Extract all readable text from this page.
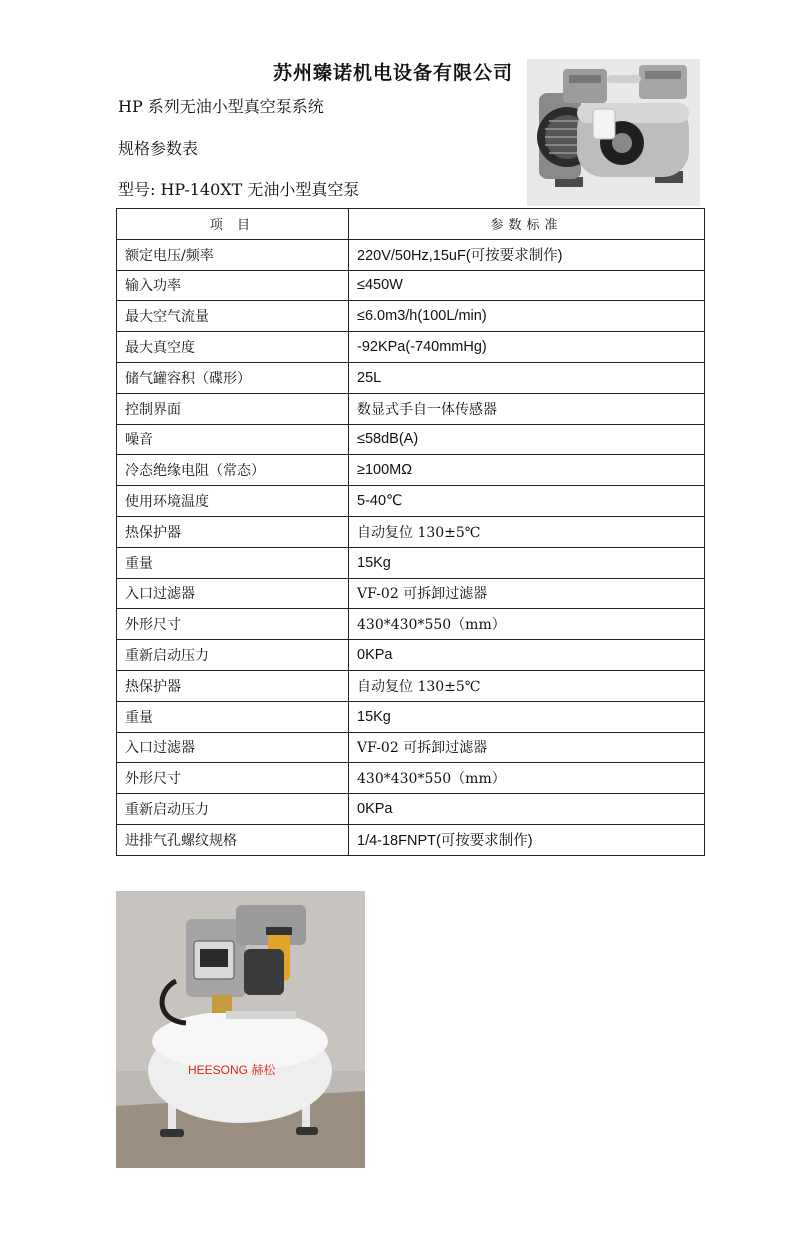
苏州臻诺机电设备有限公司
HP 系列无油小型真空泵系统
规格参数表
型号: HP-140XT 无油小型真空泵
项 目	参数标准
额定电压/频率	220V/50Hz,15uF(可按要求制作)
输入功率	≤450W
最大空气流量	≤6.0m3/h(100L/min)
最大真空度	-92KPa(-740mmHg)
储气罐容积（碟形）	25L
控制界面	数显式手自一体传感器
噪音	≤58dB(A)
冷态绝缘电阻（常态）	≥100MΩ
使用环境温度	5-40℃
热保护器	自动复位 130±5℃
重量	15Kg
入口过滤器	VF-02 可拆卸过滤器
外形尺寸	430*430*550（mm）
重新启动压力	0KPa
热保护器	自动复位 130±5℃
重量	15Kg
入口过滤器	VF-02 可拆卸过滤器
外形尺寸	430*430*550（mm）
重新启动压力	0KPa
进排气孔螺纹规格	1/4-18FNPT(可按要求制作)
HEESONG 赫松
